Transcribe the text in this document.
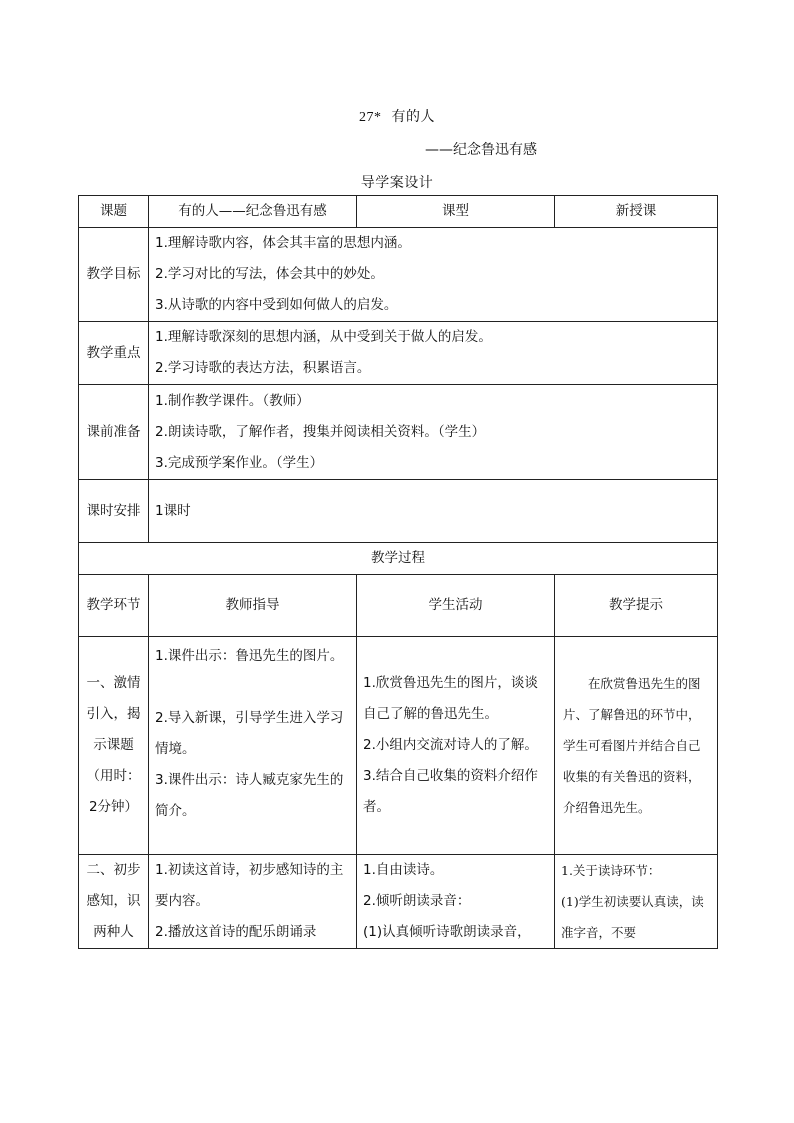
27* 有的人
——纪念鲁迅有感
导学案设计
课题	有的人——纪念鲁迅有感	课型	新授课
教学目标	1.理解诗歌内容，体会其丰富的思想内涵。
2.学习对比的写法，体会其中的妙处。
3.从诗歌的内容中受到如何做人的启发。		

教学重点	1.理解诗歌深刻的思想内涵，从中受到关于做人的启发。
2.学习诗歌的表达方法，积累语言。		

课前准备	1.制作教学课件。（教师）
2.朗读诗歌，了解作者，搜集并阅读相关资料。（学生）
3.完成预学案作业。（学生）		

课时安排	1课时		
教学过程			
教学环节	教师指导	学生活动	教学提示

一、激情
引入，揭
示课题
（用时：
2分钟）	1.课件出示：鲁迅先生的图片。
2.导入新课，引导学生进入学习情境。
3.课件出示：诗人臧克家先生的简介。	1.欣赏鲁迅先生的图片，谈谈自己了解的鲁迅先生。
2.小组内交流对诗人的了解。
3.结合自己收集的资料介绍作者。	在欣赏鲁迅先生的图片、了解鲁迅的环节中，学生可看图片并结合自己收集的有关鲁迅的资料，介绍鲁迅先生。

二、初步
感知，识
两种人	1.初读这首诗，初步感知诗的主要内容。
2.播放这首诗的配乐朗诵录	1.自由读诗。
2.倾听朗读录音：
(1)认真倾听诗歌朗读录音，	1.关于读诗环节：
(1)学生初读要认真读，读准字音，不要
